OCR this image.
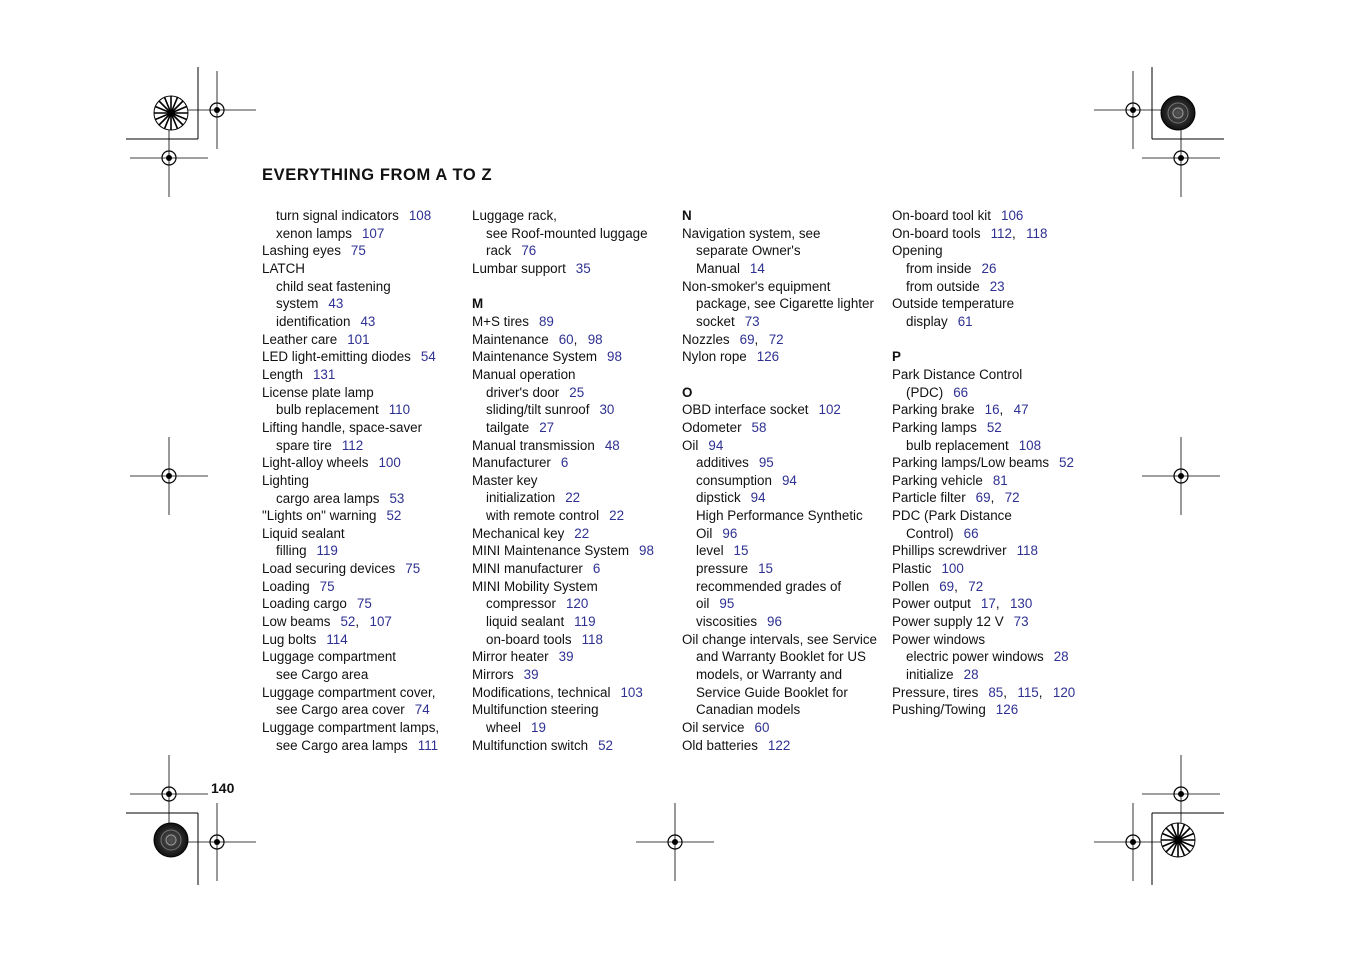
EVERYTHING FROM A TO Z
turn signal indicators 108
xenon lamps 107
Lashing eyes 75
LATCH
child seat fastening
system 43
identification 43
Leather care 101
LED light-emitting diodes 54
Length 131
License plate lamp
bulb replacement 110
Lifting handle, space-saver
spare tire 112
Light-alloy wheels 100
Lighting
cargo area lamps 53
"Lights on" warning 52
Liquid sealant
filling 119
Load securing devices 75
Loading 75
Loading cargo 75
Low beams 52,  107
Lug bolts 114
Luggage compartment
see Cargo area
Luggage compartment cover,
see Cargo area cover 74
Luggage compartment lamps,
see Cargo area lamps 111
Luggage rack,
see Roof-mounted luggage
rack 76
Lumbar support 35
M
M+S tires 89
Maintenance 60,  98
Maintenance System 98
Manual operation
driver's door 25
sliding/tilt sunroof 30
tailgate 27
Manual transmission 48
Manufacturer 6
Master key
initialization 22
with remote control 22
Mechanical key 22
MINI Maintenance System 98
MINI manufacturer 6
MINI Mobility System
compressor 120
liquid sealant 119
on-board tools 118
Mirror heater 39
Mirrors 39
Modifications, technical 103
Multifunction steering
wheel 19
Multifunction switch 52
N
Navigation system, see
separate Owner's
Manual 14
Non-smoker's equipment
package, see Cigarette lighter
socket 73
Nozzles 69,  72
Nylon rope 126
O
OBD interface socket 102
Odometer 58
Oil 94
additives 95
consumption 94
dipstick 94
High Performance Synthetic
Oil 96
level 15
pressure 15
recommended grades of
oil 95
viscosities 96
Oil change intervals, see Service
and Warranty Booklet for US
models, or Warranty and
Service Guide Booklet for
Canadian models
Oil service 60
Old batteries 122
On-board tool kit 106
On-board tools 112,  118
Opening
from inside 26
from outside 23
Outside temperature
display 61
P
Park Distance Control
(PDC) 66
Parking brake 16,  47
Parking lamps 52
bulb replacement 108
Parking lamps/Low beams 52
Parking vehicle 81
Particle filter 69,  72
PDC (Park Distance
Control) 66
Phillips screwdriver 118
Plastic 100
Pollen 69,  72
Power output 17,  130
Power supply 12 V 73
Power windows
electric power windows 28
initialize 28
Pressure, tires 85,  115,  120
Pushing/Towing 126
140
